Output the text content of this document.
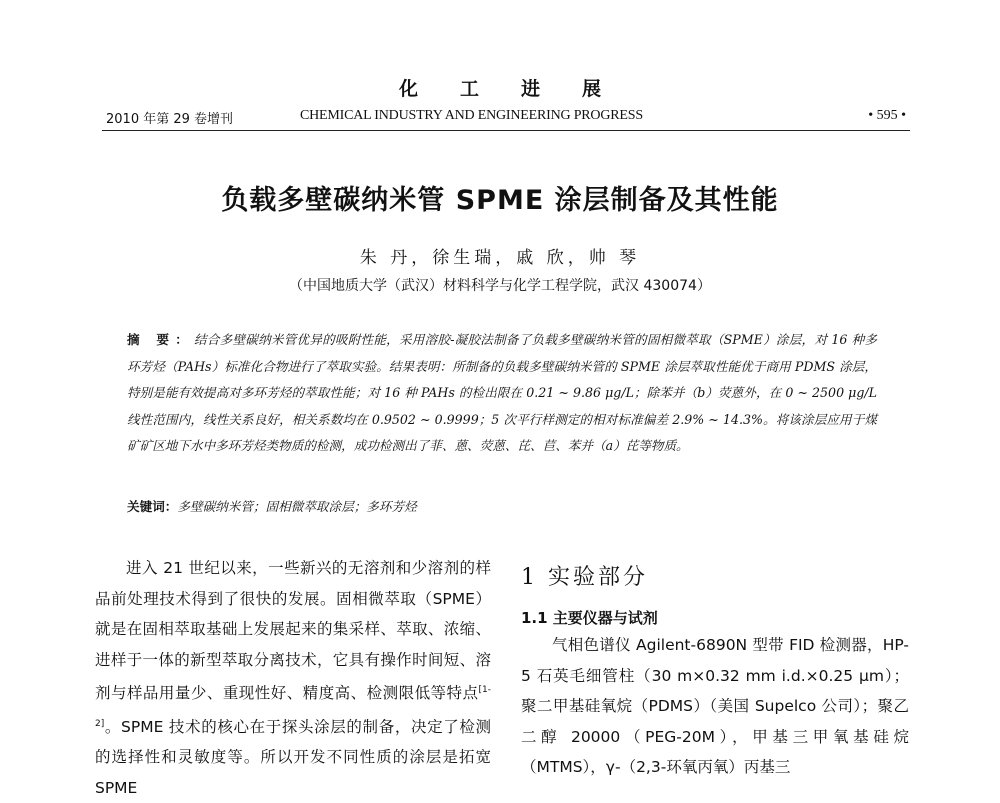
化工进展
2010 年第 29 卷增刊	CHEMICAL INDUSTRY AND ENGINEERING PROGRESS	• 595 •
负载多壁碳纳米管 SPME 涂层制备及其性能
朱 丹，徐生瑞，戚 欣，帅 琴
（中国地质大学（武汉）材料科学与化学工程学院，武汉 430074）
摘 要：结合多壁碳纳米管优异的吸附性能，采用溶胶-凝胶法制备了负载多壁碳纳米管的固相微萃取（SPME）涂层，对 16 种多环芳烃（PAHs）标准化合物进行了萃取实验。结果表明：所制备的负载多壁碳纳米管的 SPME 涂层萃取性能优于商用 PDMS 涂层，特别是能有效提高对多环芳烃的萃取性能；对 16 种 PAHs 的检出限在 0.21 ~ 9.86 μg/L；除苯并（b）荧蒽外，在 0 ~ 2500 μg/L 线性范围内，线性关系良好，相关系数均在 0.9502 ~ 0.9999；5 次平行样测定的相对标准偏差 2.9% ~ 14.3%。将该涂层应用于煤矿矿区地下水中多环芳烃类物质的检测，成功检测出了菲、蒽、荧蒽、芘、苣、苯并（a）芘等物质。
关键词：多壁碳纳米管；固相微萃取涂层；多环芳烃
进入 21 世纪以来，一些新兴的无溶剂和少溶剂的样品前处理技术得到了很快的发展。固相微萃取（SPME）就是在固相萃取基础上发展起来的集采样、萃取、浓缩、进样于一体的新型萃取分离技术，它具有操作时间短、溶剂与样品用量少、重现性好、精度高、检测限低等特点[1-2]。SPME 技术的核心在于探头涂层的制备，决定了检测的选择性和灵敏度等。所以开发不同性质的涂层是拓宽 SPME
1 实验部分
1.1 主要仪器与试剂
气相色谱仪 Agilent-6890N 型带 FID 检测器，HP-5 石英毛细管柱（30 m×0.32 mm i.d.×0.25 μm）；聚二甲基硅氧烷（PDMS）（美国 Supelco 公司）；聚乙二醇 20000（PEG-20M），甲基三甲氧基硅烷（MTMS），γ-（2,3-环氧丙氧）丙基三
